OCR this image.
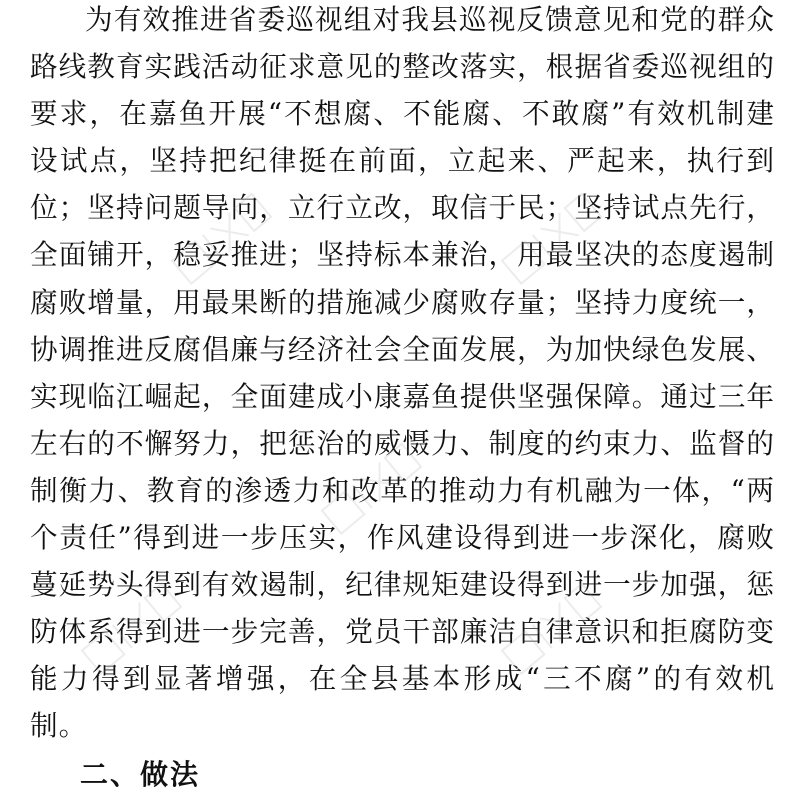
为有效推进省委巡视组对我县巡视反馈意见和党的群众路线教育实践活动征求意见的整改落实，根据省委巡视组的要求，在嘉鱼开展“不想腐、不能腐、不敢腐”有效机制建设试点，坚持把纪律挺在前面，立起来、严起来，执行到位；坚持问题导向，立行立改，取信于民；坚持试点先行，全面铺开，稳妥推进；坚持标本兼治，用最坚决的态度遏制腐败增量，用最果断的措施减少腐败存量；坚持力度统一，协调推进反腐倡廉与经济社会全面发展，为加快绿色发展、实现临江崛起，全面建成小康嘉鱼提供坚强保障。通过三年左右的不懈努力，把惩治的威慑力、制度的约束力、监督的制衡力、教育的渗透力和改革的推动力有机融为一体，“两个责任”得到进一步压实，作风建设得到进一步深化，腐败蔓延势头得到有效遏制，纪律规矩建设得到进一步加强，惩防体系得到进一步完善，党员干部廉洁自律意识和拒腐防变能力得到显著增强，在全县基本形成“三不腐”的有效机制。

二、做法
